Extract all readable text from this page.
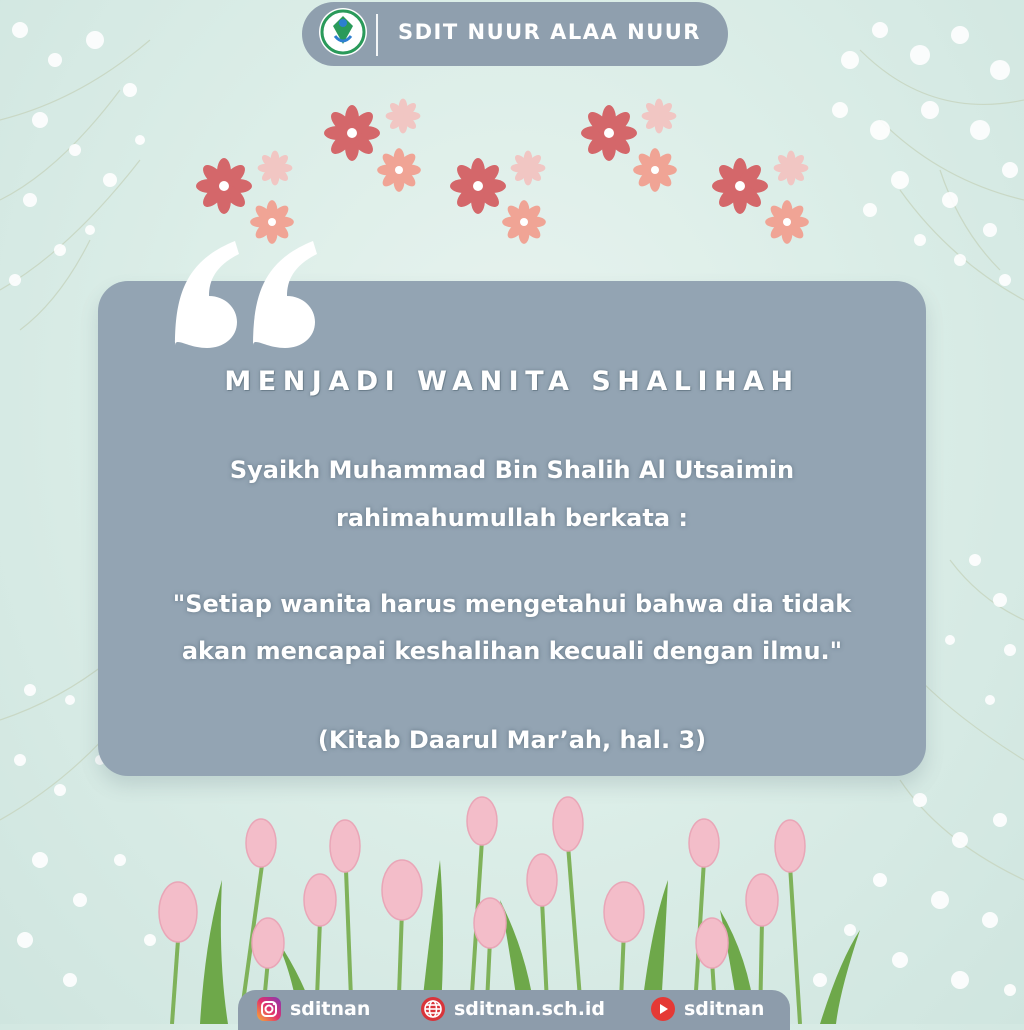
SDIT NUUR ALAA NUUR
MENJADI WANITA SHALIHAH
Syaikh Muhammad Bin Shalih Al Utsaimin
rahimahumullah berkata :
"Setiap wanita harus mengetahui bahwa dia tidak
akan mencapai keshalihan kecuali dengan ilmu."
(Kitab Daarul Mar’ah, hal. 3)
sditnan	sditnan.sch.id	sditnan
